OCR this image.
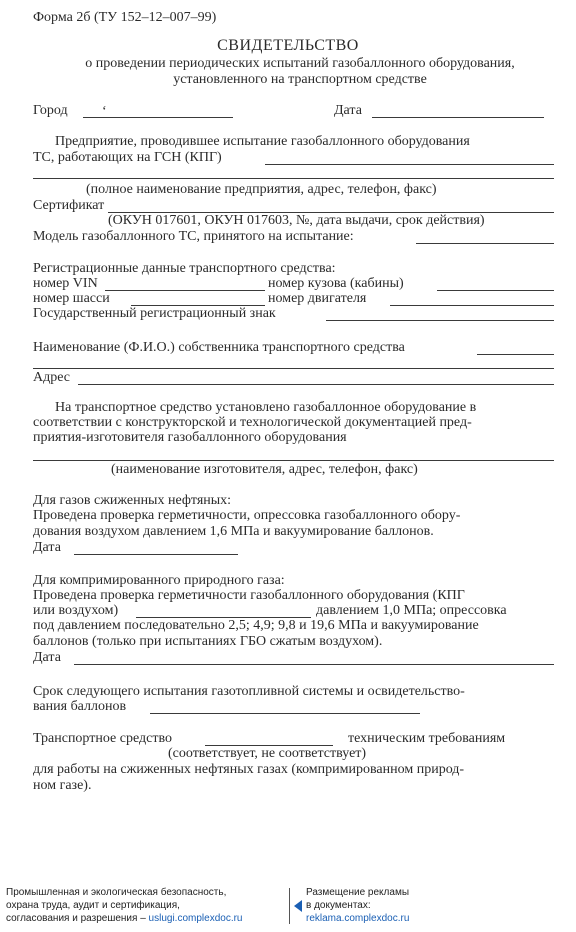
Форма 2б (ТУ 152–12–007–99)
СВИДЕТЕЛЬСТВО
о проведении периодических испытаний газобаллонного оборудования,
установленного на транспортном средстве
Город ʻ	Дата
Предприятие, проводившее испытание газобаллонного оборудования
ТС, работающих на ГСН (КПГ)
(полное наименование предприятия, адрес, телефон, факс)
Сертификат
(ОКУН 017601, ОКУН 017603, №, дата выдачи, срок действия)
Модель газобаллонного ТС, принятого на испытание:
Регистрационные данные транспортного средства:
номер VIN	номер кузова (кабины)
номер шасси	номер двигателя
Государственный регистрационный знак
Наименование (Ф.И.О.) собственника транспортного средства
Адрес
На транспортное средство установлено газобаллонное оборудование в
соответствии с конструкторской и технологической документацией пред-
приятия-изготовителя газобаллонного оборудования
(наименование изготовителя, адрес, телефон, факс)
Для газов сжиженных нефтяных:
Проведена проверка герметичности, опрессовка газобаллонного обору-
дования воздухом давлением 1,6 МПа и вакуумирование баллонов.
Дата
Для компримированного природного газа:
Проведена проверка герметичности газобаллонного оборудования (КПГ
или воздухом)	давлением 1,0 МПа; опрессовка
под давлением последовательно 2,5; 4,9; 9,8 и 19,6 МПа и вакуумирование
баллонов (только при испытаниях ГБО сжатым воздухом).
Дата
Срок следующего испытания газотопливной системы и освидетельство-
вания баллонов
Транспортное средство	техническим требованиям
(соответствует, не соответствует)
для работы на сжиженных нефтяных газах (компримированном природ-
ном газе).
Промышленная и экологическая безопасность,
охрана труда, аудит и сертификация,
согласования и разрешения – uslugi.complexdoc.ru
Размещение рекламы
в документах:
reklama.complexdoc.ru
